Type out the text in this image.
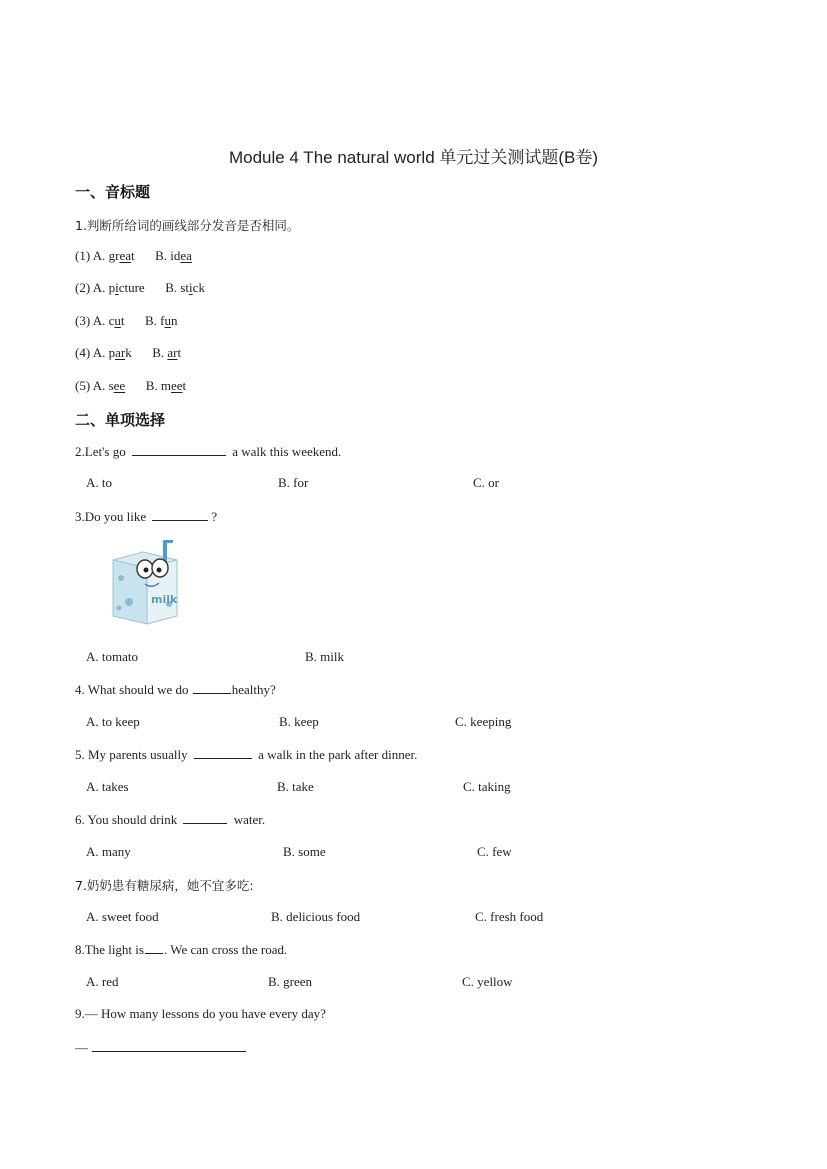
Module 4 The natural world 单元过关测试题(B卷)
一、音标题
1.判断所给词的画线部分发音是否相同。
(1) A. great B. idea
(2) A. picture B. stick
(3) A. cut B. fun
(4) A. park B. art
(5) A. see B. meet
二、单项选择
2.Let's go	a walk this weekend.
A. to	B. for	C. or
3.Do you like	?
milk
A. tomato	B. milk
4. What should we do	healthy?
A. to keep	B. keep	C. keeping
5. My parents usually	a walk in the park after dinner.
A. takes	B. take	C. taking
6. You should drink	water.
A. many	B. some	C. few
7.奶奶患有糖尿病，她不宜多吃:
A. sweet food	B. delicious food	C. fresh food
8.The light is . We can cross the road.
A. red	B. green	C. yellow
9.— How many lessons do you have every day?
—
